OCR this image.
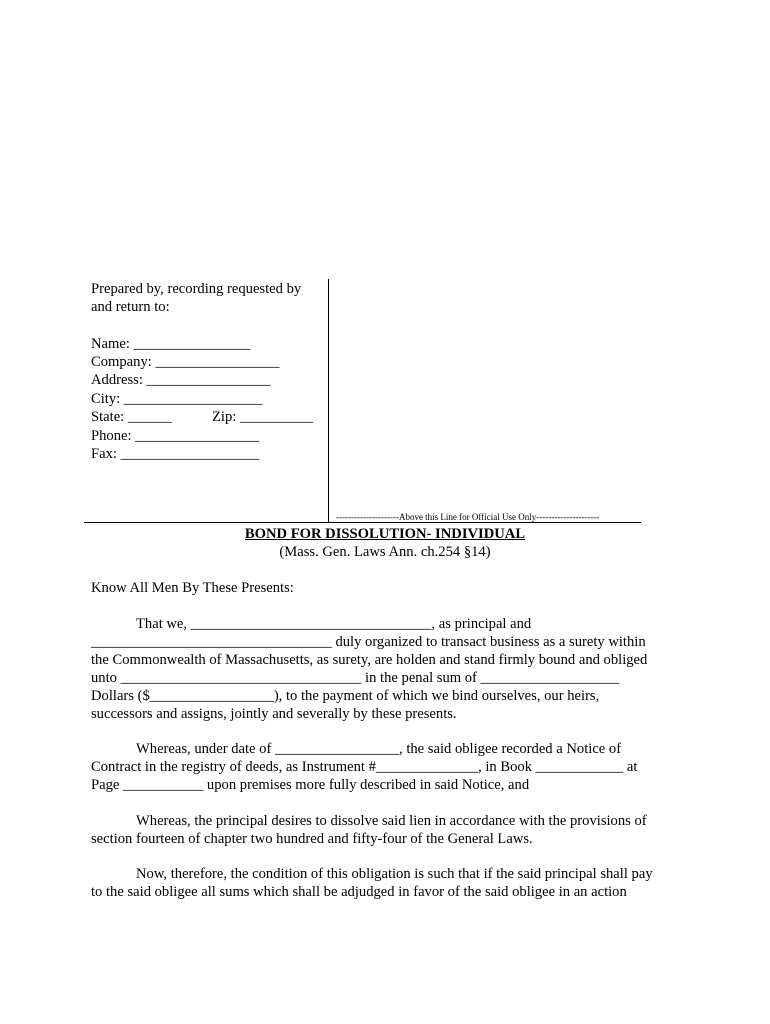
Prepared by, recording requested by
and return to:
Name: ________________
Company: _________________
Address: _________________
City: ___________________
State: ______	Zip: __________
Phone: _________________
Fax: ___________________
---------------------Above this Line for Official Use Only---------------------
BOND FOR DISSOLUTION- INDIVIDUAL
(Mass. Gen. Laws Ann. ch.254 §14)
Know All Men By These Presents:
That we, _________________________________, as principal and
_________________________________ duly organized to transact business as a surety within
the Commonwealth of Massachusetts, as surety, are holden and stand firmly bound and obliged
unto _________________________________ in the penal sum of ___________________
Dollars ($_________________), to the payment of which we bind ourselves, our heirs,
successors and assigns, jointly and severally by these presents.
Whereas, under date of _________________, the said obligee recorded a Notice of
Contract in the registry of deeds, as Instrument #______________, in Book ____________ at
Page ___________ upon premises more fully described in said Notice, and
Whereas, the principal desires to dissolve said lien in accordance with the provisions of
section fourteen of chapter two hundred and fifty-four of the General Laws.
Now, therefore, the condition of this obligation is such that if the said principal shall pay
to the said obligee all sums which shall be adjudged in favor of the said obligee in an action
